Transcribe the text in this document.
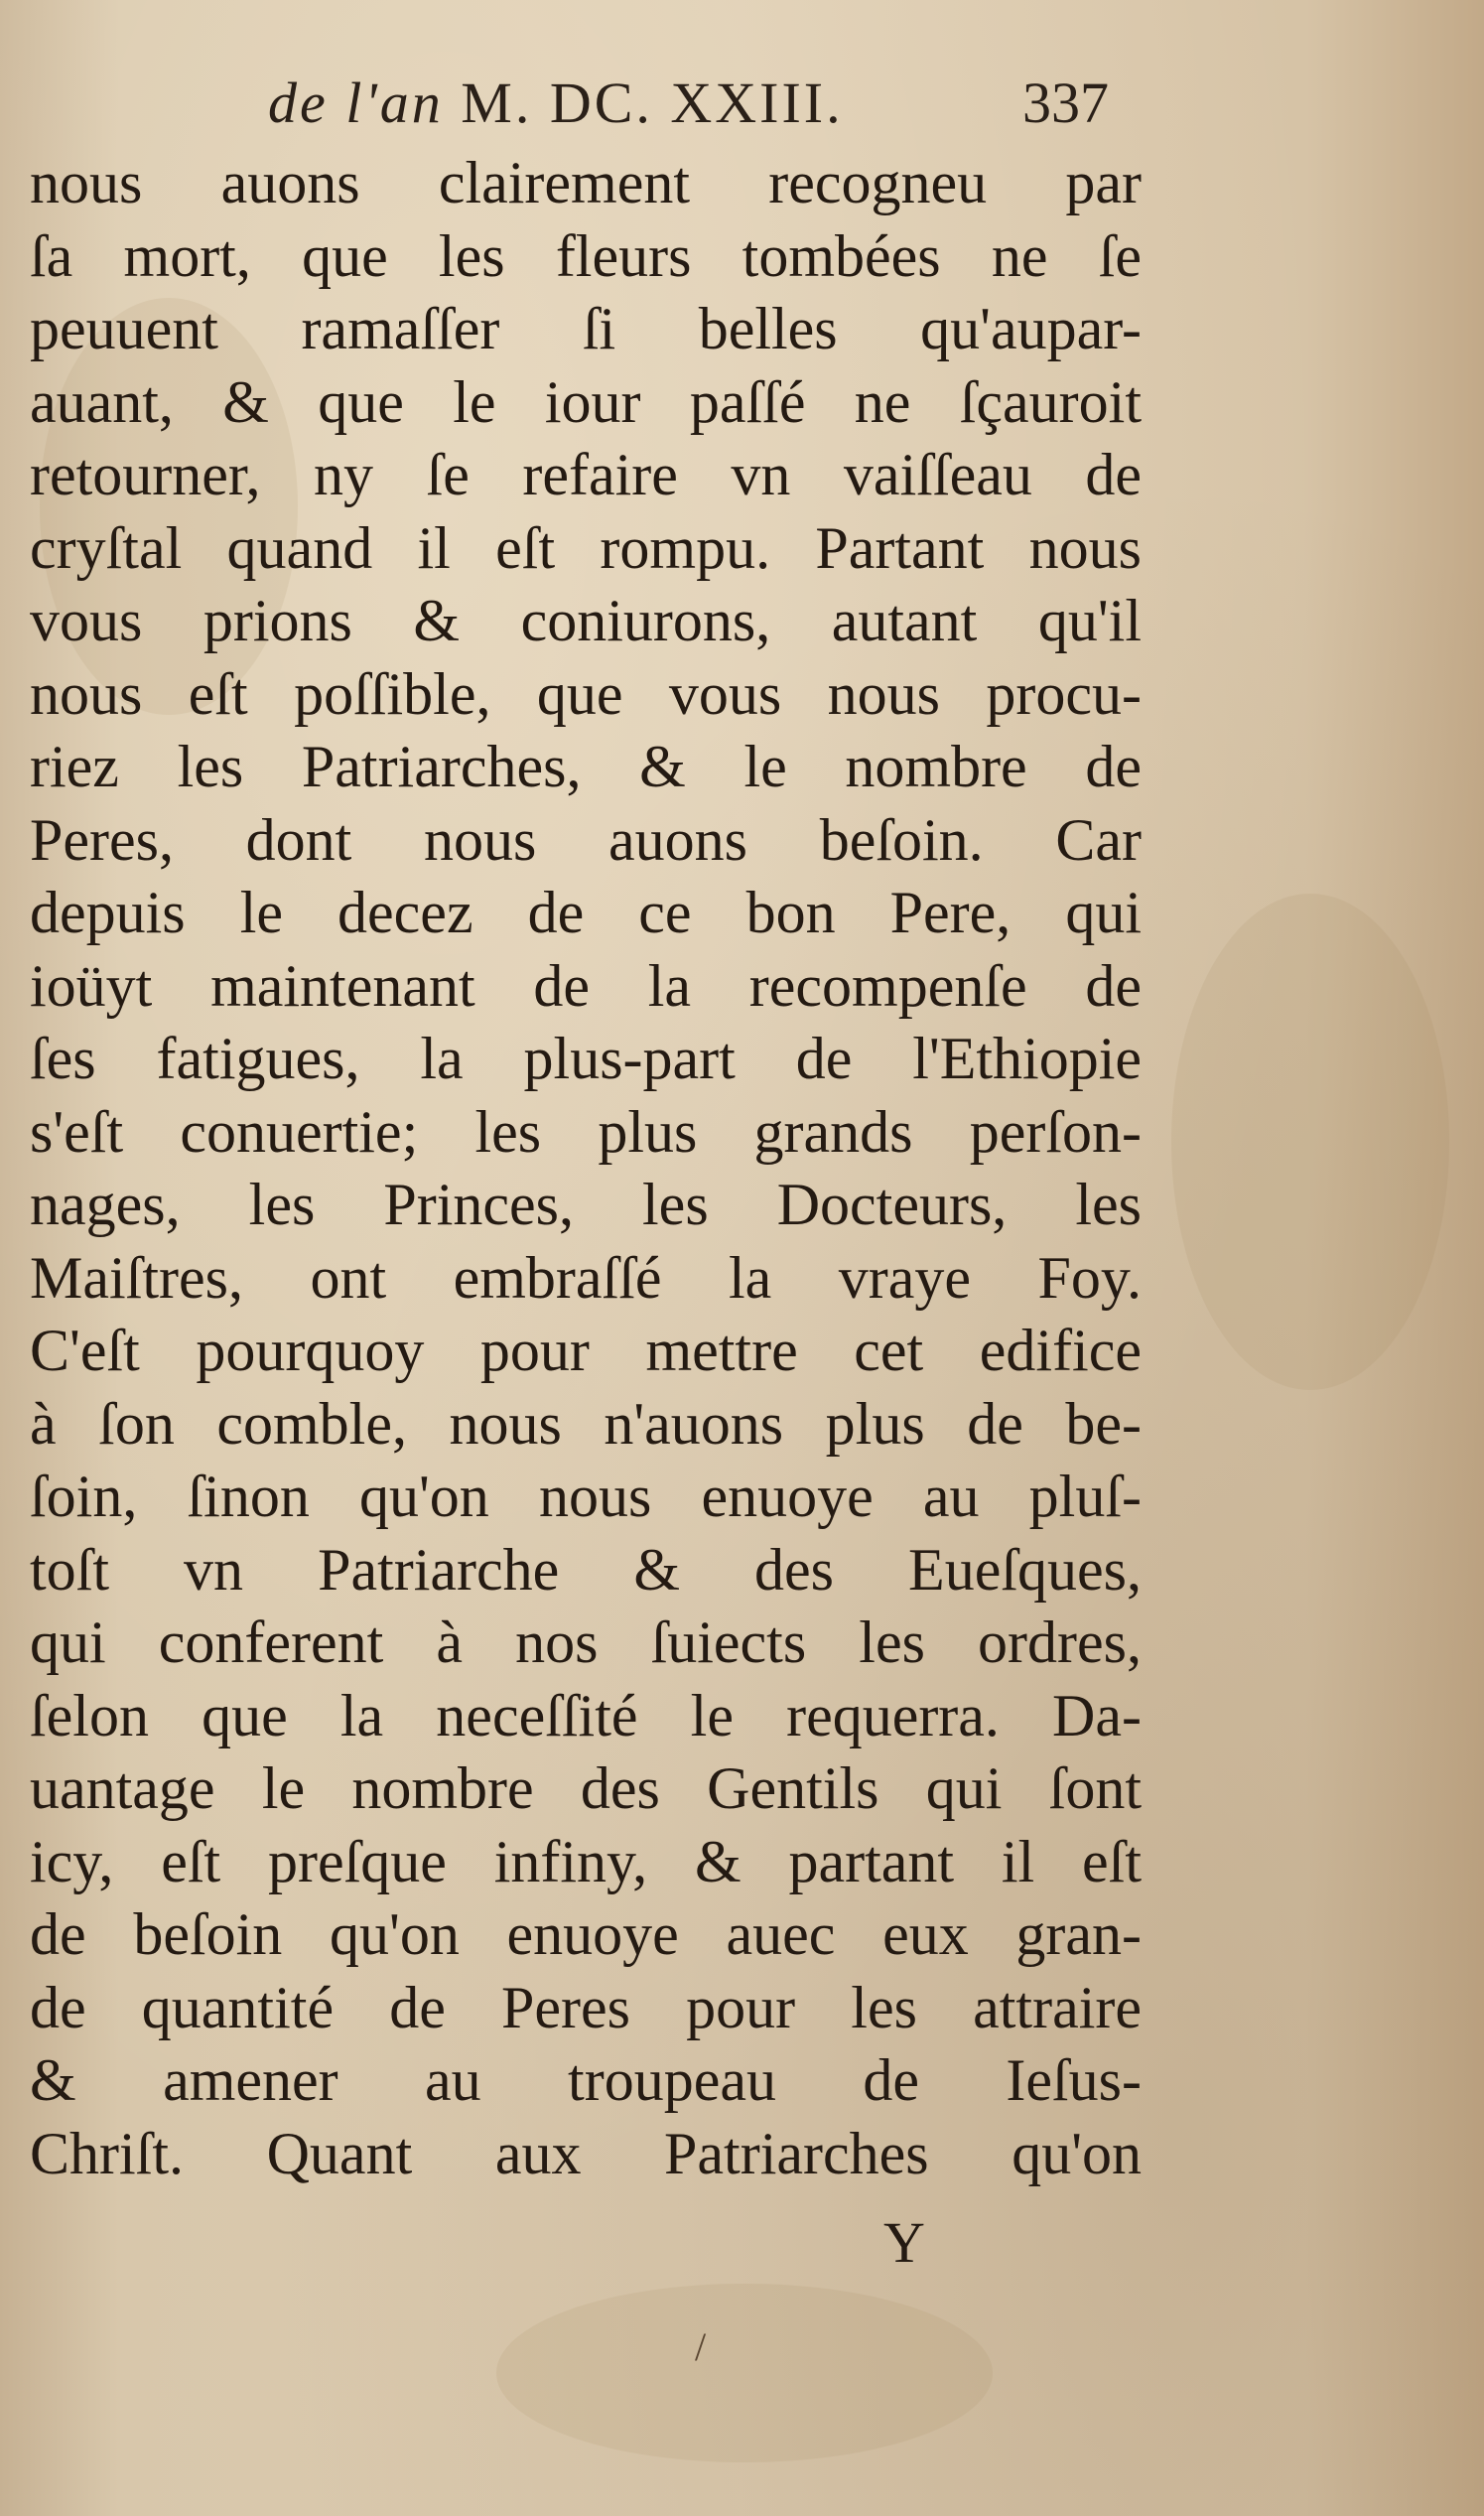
de l'an M. DC. XXIII.	337
nous auons clairement recogneu par
ſa mort, que les fleurs tombées ne ſe
peuuent ramaſſer ſi belles qu'aupar-
auant, & que le iour paſſé ne ſçauroit
retourner, ny ſe refaire vn vaiſſeau de
cryſtal quand il eſt rompu. Partant nous
vous prions & coniurons, autant qu'il
nous eſt poſſible, que vous nous procu-
riez les Patriarches, & le nombre de
Peres, dont nous auons beſoin. Car
depuis le decez de ce bon Pere, qui
ioüyt maintenant de la recompenſe de
ſes fatigues, la plus-part de l'Ethiopie
s'eſt conuertie; les plus grands perſon-
nages, les Princes, les Docteurs, les
Maiſtres, ont embraſſé la vraye Foy.
C'eſt pourquoy pour mettre cet edifice
à ſon comble, nous n'auons plus de be-
ſoin, ſinon qu'on nous enuoye au pluſ-
toſt vn Patriarche & des Eueſques,
qui conferent à nos ſuiects les ordres,
ſelon que la neceſſité le requerra. Da-
uantage le nombre des Gentils qui ſont
icy, eſt preſque infiny, & partant il eſt
de beſoin qu'on enuoye auec eux gran-
de quantité de Peres pour les attraire
& amener au troupeau de Ieſus-
Chriſt. Quant aux Patriarches qu'on
Y
/
